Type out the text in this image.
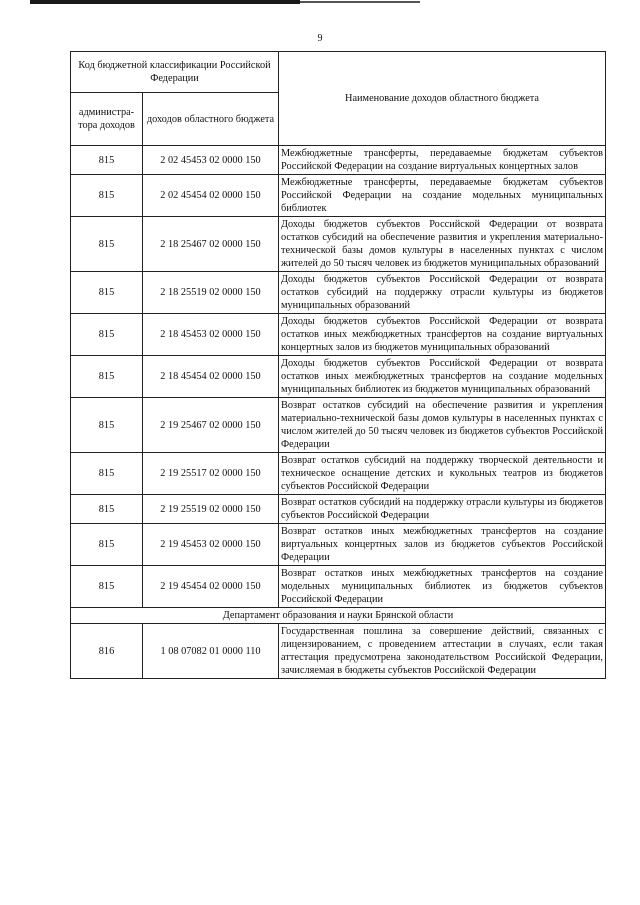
9
Код бюджетной классификации Российской Федерации		Наименование доходов областного бюджета
администра-тора доходов	доходов областного бюджета	
815	2 02 45453 02 0000 150	Межбюджетные трансферты, передаваемые бюджетам субъектов Российской Федерации на создание виртуальных концертных залов
815	2 02 45454 02 0000 150	Межбюджетные трансферты, передаваемые бюджетам субъектов Российской Федерации на создание модельных муниципальных библиотек
815	2 18 25467 02 0000 150	Доходы бюджетов субъектов Российской Федерации от возврата остатков субсидий на обеспечение развития и укрепления материально-технической базы домов культуры в населенных пунктах с числом жителей до 50 тысяч человек из бюджетов муниципальных образований
815	2 18 25519 02 0000 150	Доходы бюджетов субъектов Российской Федерации от возврата остатков субсидий на поддержку отрасли культуры из бюджетов муниципальных образований
815	2 18 45453 02 0000 150	Доходы бюджетов субъектов Российской Федерации от возврата остатков иных межбюджетных трансфертов на создание виртуальных концертных залов из бюджетов муниципальных образований
815	2 18 45454 02 0000 150	Доходы бюджетов субъектов Российской Федерации от возврата остатков иных межбюджетных трансфертов на создание модельных муниципальных библиотек из бюджетов муниципальных образований
815	2 19 25467 02 0000 150	Возврат остатков субсидий на обеспечение развития и укрепления материально-технической базы домов культуры в населенных пунктах с числом жителей до 50 тысяч человек из бюджетов субъектов Российской Федерации
815	2 19 25517 02 0000 150	Возврат остатков субсидий на поддержку творческой деятельности и техническое оснащение детских и кукольных театров из бюджетов субъектов Российской Федерации
815	2 19 25519 02 0000 150	Возврат остатков субсидий на поддержку отрасли культуры из бюджетов субъектов Российской Федерации
815	2 19 45453 02 0000 150	Возврат остатков иных межбюджетных трансфертов на создание виртуальных концертных залов из бюджетов субъектов Российской Федерации
815	2 19 45454 02 0000 150	Возврат остатков иных межбюджетных трансфертов на создание модельных муниципальных библиотек из бюджетов субъектов Российской Федерации
Департамент образования и науки Брянской области		
816	1 08 07082 01 0000 110	Государственная пошлина за совершение действий, связанных с лицензированием, с проведением аттестации в случаях, если такая аттестация предусмотрена законодательством Российской Федерации, зачисляемая в бюджеты субъектов Российской Федерации
